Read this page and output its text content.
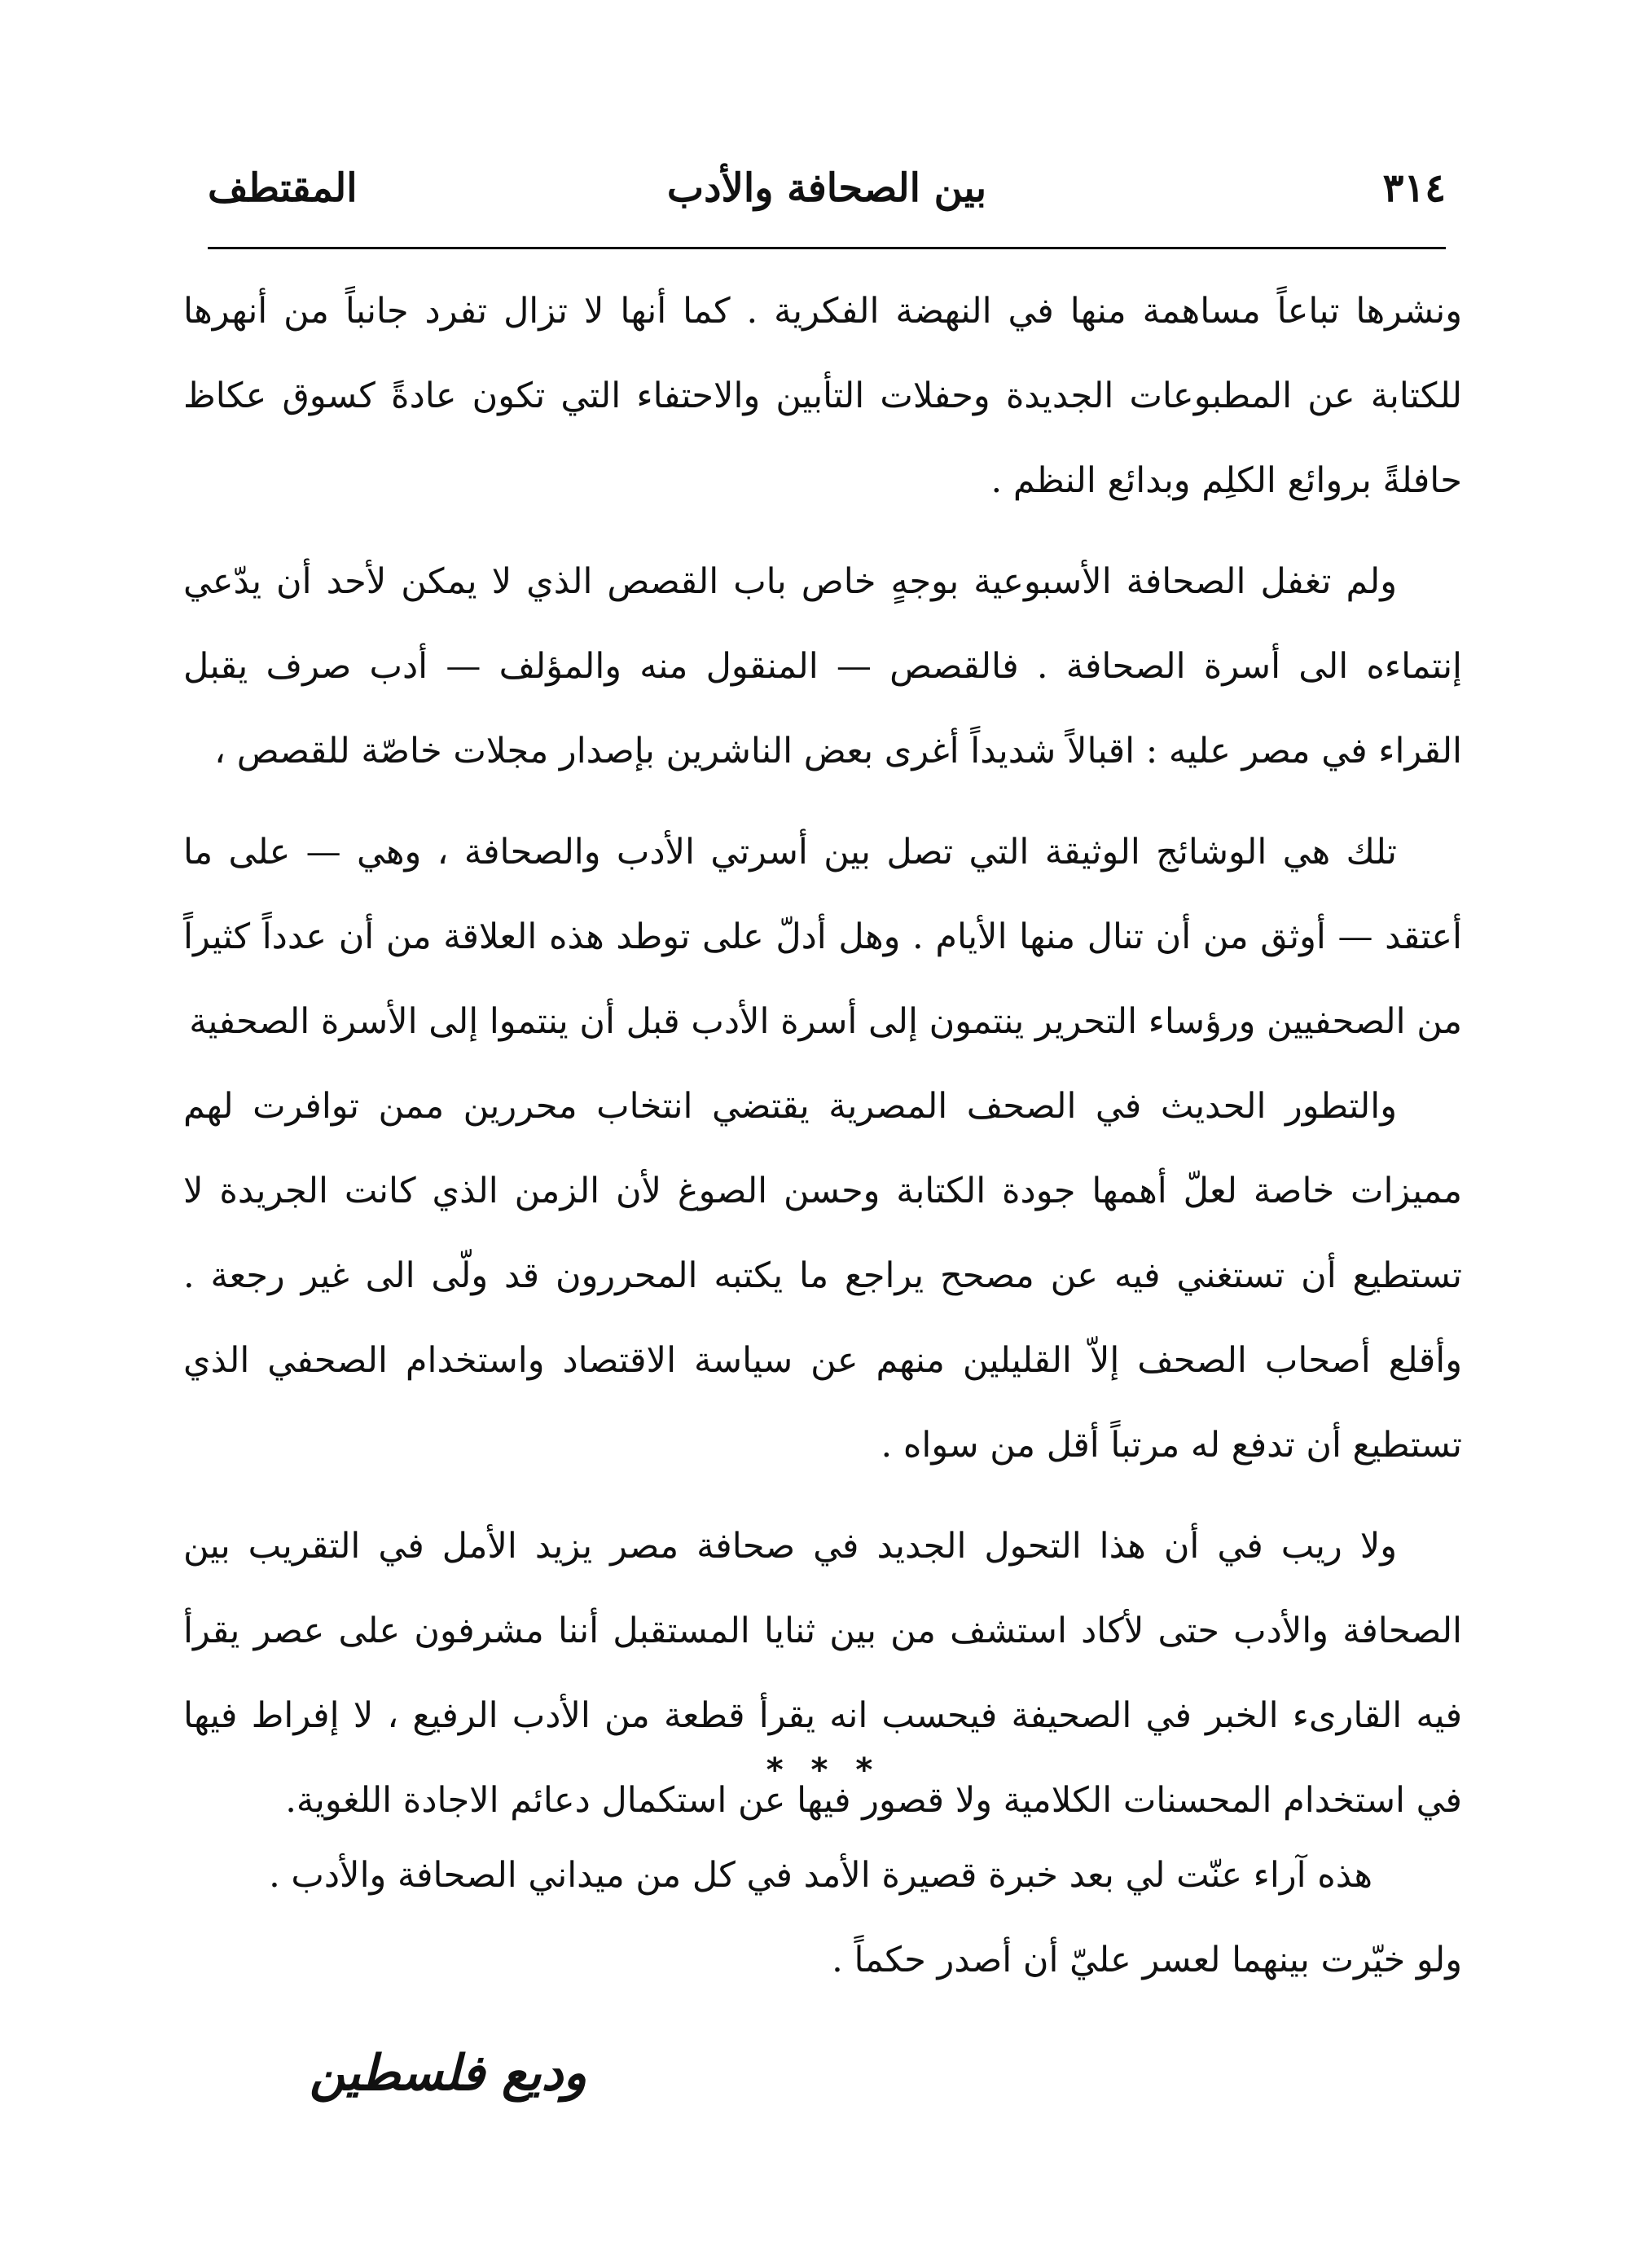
٣١٤
بين الصحافة والأدب
المقتطف

ونشرها تباعاً مساهمة منها في النهضة الفكرية . كما أنها لا تزال تفرد جانباً من أنهرها للكتابة عن المطبوعات الجديدة وحفلات التأبين والاحتفاء التي تكون عادةً كسوق عكاظ حافلةً بروائع الكلِم وبدائع النظم .

ولم تغفل الصحافة الأسبوعية بوجهٍ خاص باب القصص الذي لا يمكن لأحد أن يدّعي إنتماءه الى أسرة الصحافة . فالقصص — المنقول منه والمؤلف — أدب صرف يقبل القراء في مصر عليه : اقبالاً شديداً أغرى بعض الناشرين بإصدار مجلات خاصّة للقصص ،

تلك هي الوشائج الوثيقة التي تصل بين أسرتي الأدب والصحافة ، وهي — على ما أعتقد — أوثق من أن تنال منها الأيام . وهل أدلّ على توطد هذه العلاقة من أن عدداً كثيراً من الصحفيين ورؤساء التحرير ينتمون إلى أسرة الأدب قبل أن ينتموا إلى الأسرة الصحفية

والتطور الحديث في الصحف المصرية يقتضي انتخاب محررين ممن توافرت لهم مميزات خاصة لعلّ أهمها جودة الكتابة وحسن الصوغ لأن الزمن الذي كانت الجريدة لا تستطيع أن تستغني فيه عن مصحح يراجع ما يكتبه المحررون قد ولّى الى غير رجعة . وأقلع أصحاب الصحف إلاّ القليلين منهم عن سياسة الاقتصاد واستخدام الصحفي الذي تستطيع أن تدفع له مرتباً أقل من سواه .

ولا ريب في أن هذا التحول الجديد في صحافة مصر يزيد الأمل في التقريب بين الصحافة والأدب حتى لأكاد استشف من بين ثنايا المستقبل أننا مشرفون على عصر يقرأ فيه القارىء الخبر في الصحيفة فيحسب انه يقرأ قطعة من الأدب الرفيع ، لا إفراط فيها في استخدام المحسنات الكلامية ولا قصور فيها عن استكمال دعائم الاجادة اللغوية.

* * *

هذه آراء عنّت لي بعد خبرة قصيرة الأمد في كل من ميداني الصحافة والأدب .

ولو خيّرت بينهما لعسر عليّ أن أصدر حكماً .

وديع فلسطين
